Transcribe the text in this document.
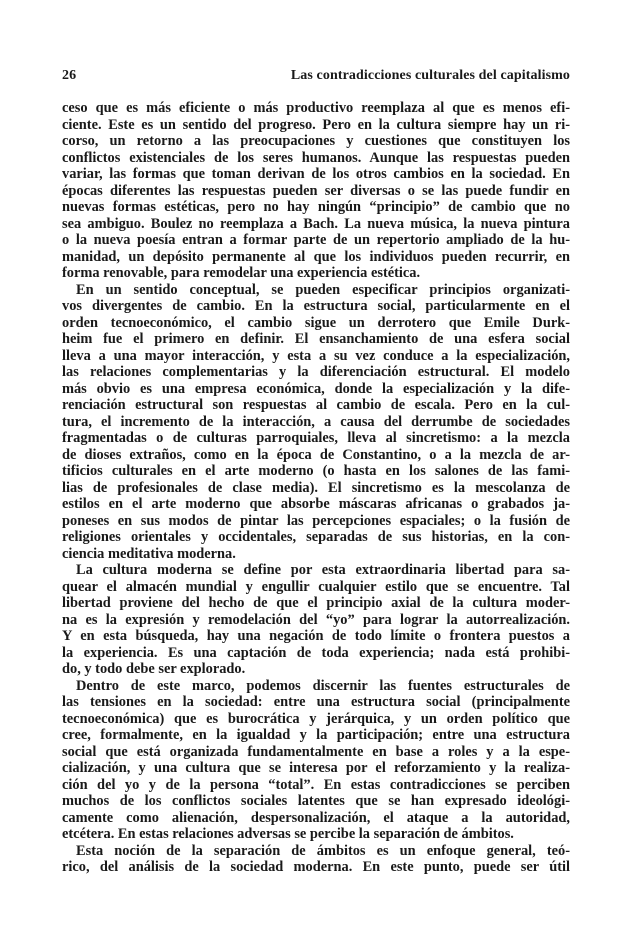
26	Las contradicciones culturales del capitalismo
ceso que es más eficiente o más productivo reemplaza al que es menos efi-
ciente. Este es un sentido del progreso. Pero en la cultura siempre hay un ri-
corso, un retorno a las preocupaciones y cuestiones que constituyen los
conflictos existenciales de los seres humanos. Aunque las respuestas pueden
variar, las formas que toman derivan de los otros cambios en la sociedad. En
épocas diferentes las respuestas pueden ser diversas o se las puede fundir en
nuevas formas estéticas, pero no hay ningún “principio” de cambio que no
sea ambiguo. Boulez no reemplaza a Bach. La nueva música, la nueva pintura
o la nueva poesía entran a formar parte de un repertorio ampliado de la hu-
manidad, un depósito permanente al que los individuos pueden recurrir, en
forma renovable, para remodelar una experiencia estética.
En un sentido conceptual, se pueden especificar principios organizati-
vos divergentes de cambio. En la estructura social, particularmente en el
orden tecnoeconómico, el cambio sigue un derrotero que Emile Durk-
heim fue el primero en definir. El ensanchamiento de una esfera social
lleva a una mayor interacción, y esta a su vez conduce a la especialización,
las relaciones complementarias y la diferenciación estructural. El modelo
más obvio es una empresa económica, donde la especialización y la dife-
renciación estructural son respuestas al cambio de escala. Pero en la cul-
tura, el incremento de la interacción, a causa del derrumbe de sociedades
fragmentadas o de culturas parroquiales, lleva al sincretismo: a la mezcla
de dioses extraños, como en la época de Constantino, o a la mezcla de ar-
tificios culturales en el arte moderno (o hasta en los salones de las fami-
lias de profesionales de clase media). El sincretismo es la mescolanza de
estilos en el arte moderno que absorbe máscaras africanas o grabados ja-
poneses en sus modos de pintar las percepciones espaciales; o la fusión de
religiones orientales y occidentales, separadas de sus historias, en la con-
ciencia meditativa moderna.
La cultura moderna se define por esta extraordinaria libertad para sa-
quear el almacén mundial y engullir cualquier estilo que se encuentre. Tal
libertad proviene del hecho de que el principio axial de la cultura moder-
na es la expresión y remodelación del “yo” para lograr la autorrealización.
Y en esta búsqueda, hay una negación de todo límite o frontera puestos a
la experiencia. Es una captación de toda experiencia; nada está prohibi-
do, y todo debe ser explorado.
Dentro de este marco, podemos discernir las fuentes estructurales de
las tensiones en la sociedad: entre una estructura social (principalmente
tecnoeconómica) que es burocrática y jerárquica, y un orden político que
cree, formalmente, en la igualdad y la participación; entre una estructura
social que está organizada fundamentalmente en base a roles y a la espe-
cialización, y una cultura que se interesa por el reforzamiento y la realiza-
ción del yo y de la persona “total”. En estas contradicciones se perciben
muchos de los conflictos sociales latentes que se han expresado ideológi-
camente como alienación, despersonalización, el ataque a la autoridad,
etcétera. En estas relaciones adversas se percibe la separación de ámbitos.
Esta noción de la separación de ámbitos es un enfoque general, teó-
rico, del análisis de la sociedad moderna. En este punto, puede ser útil
